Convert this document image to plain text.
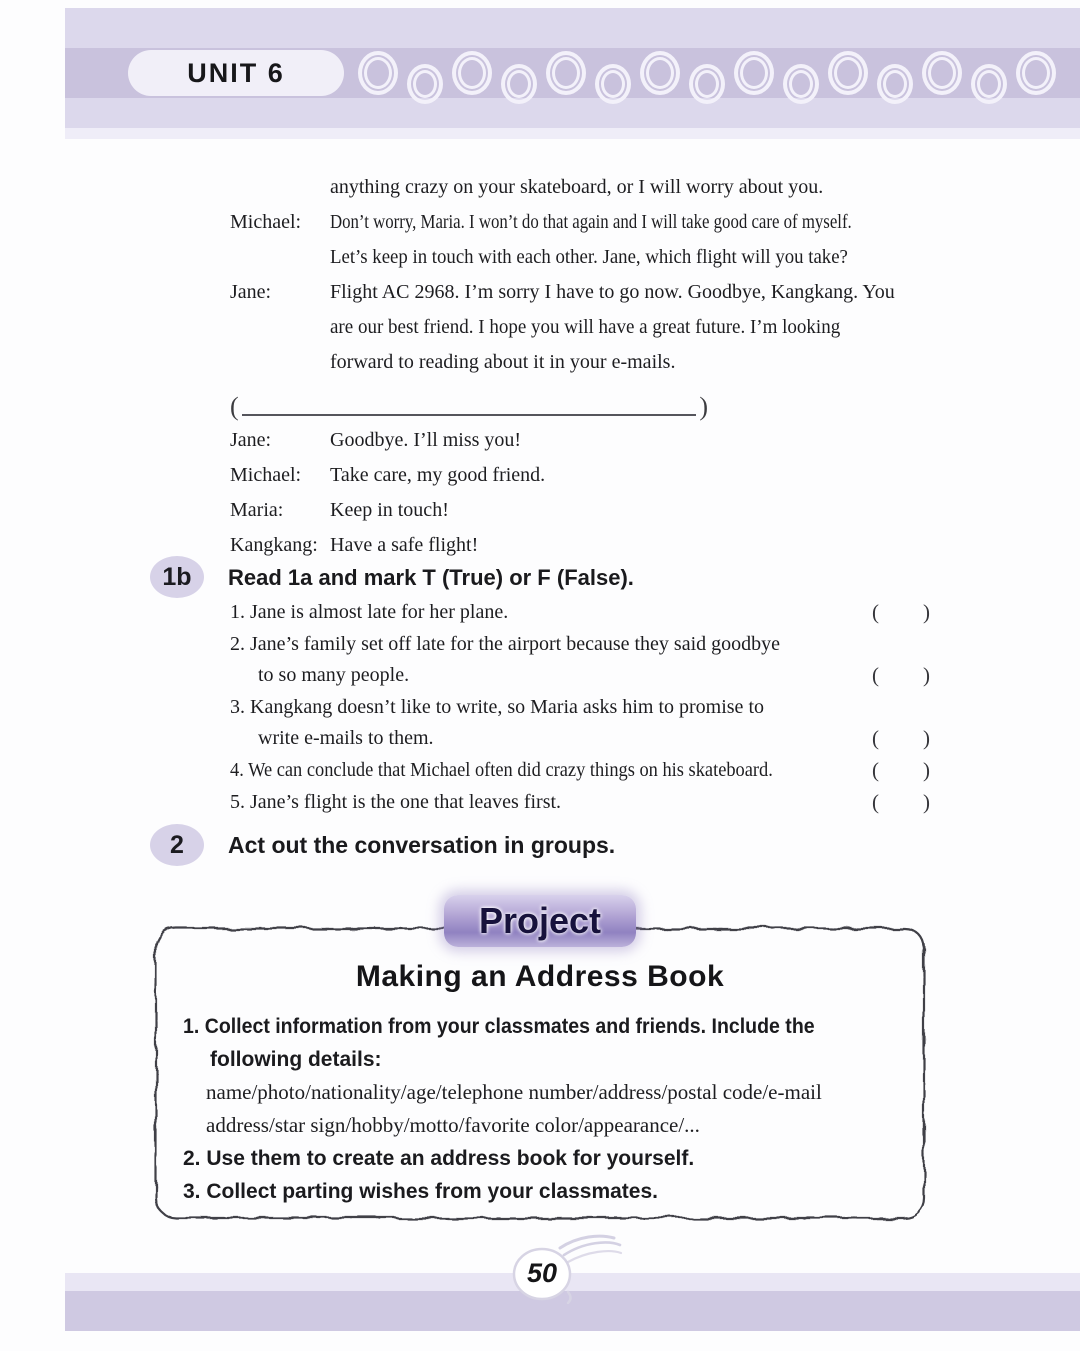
UNIT 6
anything crazy on your skateboard, or I will worry about you.
Michael:	Don’t worry, Maria. I won’t do that again and I will take good care of myself.
Let’s keep in touch with each other. Jane, which flight will you take?
Jane:	Flight AC 2968. I’m sorry I have to go now. Goodbye, Kangkang. You
are our best friend. I hope you will have a great future. I’m looking
forward to reading about it in your e-mails.
(	)
Jane:	Goodbye. I’ll miss you!
Michael:	Take care, my good friend.
Maria:	Keep in touch!
Kangkang: Have a safe flight!
1b Read 1a and mark T (True) or F (False).
1. Jane is almost late for her plane.	( )
2. Jane’s family set off late for the airport because they said goodbye
to so many people.	( )
3. Kangkang doesn’t like to write, so Maria asks him to promise to
write e-mails to them.	( )
4. We can conclude that Michael often did crazy things on his skateboard.	( )
5. Jane’s flight is the one that leaves first.	( )
2 Act out the conversation in groups.
Project
Making an Address Book
1. Collect information from your classmates and friends. Include the
following details:
name/photo/nationality/age/telephone number/address/postal code/e-mail
address/star sign/hobby/motto/favorite color/appearance/...
2. Use them to create an address book for yourself.
3. Collect parting wishes from your classmates.
50
